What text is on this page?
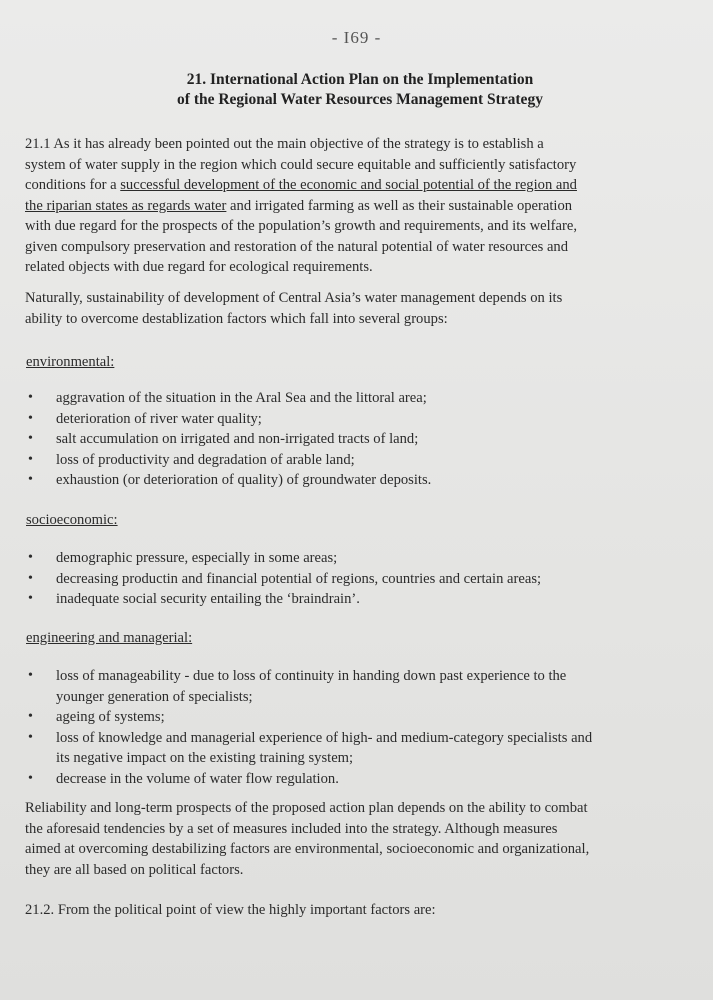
- I69 -
21. International Action Plan on the Implementation
of the Regional Water Resources Management Strategy
21.1 As it has already been pointed out the main objective of the strategy is to establish a
system of water supply in the region which could secure equitable and sufficiently satisfactory
conditions for a successful development of the economic and social potential of the region and
the riparian states as regards water and irrigated farming as well as their sustainable operation
with due regard for the prospects of the population’s growth and requirements, and its welfare,
given compulsory preservation and restoration of the natural potential of water resources and
related objects with due regard for ecological requirements.
Naturally, sustainability of development of Central Asia’s water management depends on its
ability to overcome destablization factors which fall into several groups:
environmental:
• aggravation of the situation in the Aral Sea and the littoral area;
• deterioration of river water quality;
• salt accumulation on irrigated and non-irrigated tracts of land;
• loss of productivity and degradation of arable land;
• exhaustion (or deterioration of quality) of groundwater deposits.
socioeconomic:
• demographic pressure, especially in some areas;
• decreasing productin and financial potential of regions, countries and certain areas;
• inadequate social security entailing the ‘braindrain’.
engineering and managerial:
• loss of manageability - due to loss of continuity in handing down past experience to the
younger generation of specialists;
• ageing of systems;
• loss of knowledge and managerial experience of high- and medium-category specialists and
its negative impact on the existing training system;
• decrease in the volume of water flow regulation.
Reliability and long-term prospects of the proposed action plan depends on the ability to combat
the aforesaid tendencies by a set of measures included into the strategy. Although measures
aimed at overcoming destabilizing factors are environmental, socioeconomic and organizational,
they are all based on political factors.
21.2. From the political point of view the highly important factors are:
